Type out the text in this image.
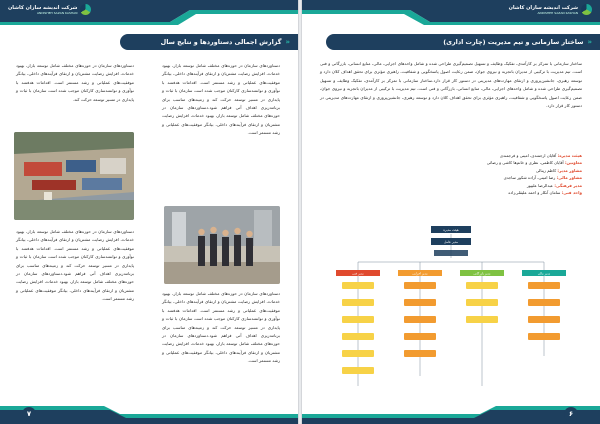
شرکت اندیشه سازان کاشان
ANDISHEH SAZAN KASHAN
«
گزارش اجمالی دستاوردها و نتایج سال
دستاوردهای سازمان در حوزه‌های مختلف شامل توسعه بازار، بهبود خدمات، افزایش رضایت مشتریان و ارتقای فرآیندهای داخلی، بیانگر موفقیت‌های عملیاتی و رشد مستمر است. اقدامات هدفمند با نوآوری و توانمندسازی کارکنان موجب شده است سازمان با ثبات و پایداری در مسیر توسعه حرکت کند و زمینه‌های مناسب برای برنامه‌ریزی اهداف آتی فراهم شود.دستاوردهای سازمان در حوزه‌های مختلف شامل توسعه بازار، بهبود خدمات، افزایش رضایت مشتریان و ارتقای فرآیندهای داخلی، بیانگر موفقیت‌های عملیاتی و رشد مستمر است.
دستاوردهای سازمان در حوزه‌های مختلف شامل توسعه بازار، بهبود خدمات، افزایش رضایت مشتریان و ارتقای فرآیندهای داخلی، بیانگر موفقیت‌های عملیاتی و رشد مستمر است. اقدامات هدفمند با نوآوری و توانمندسازی کارکنان موجب شده است سازمان با ثبات و پایداری در مسیر توسعه حرکت کند.
دستاوردهای سازمان در حوزه‌های مختلف شامل توسعه بازار، بهبود خدمات، افزایش رضایت مشتریان و ارتقای فرآیندهای داخلی، بیانگر موفقیت‌های عملیاتی و رشد مستمر است. اقدامات هدفمند با نوآوری و توانمندسازی کارکنان موجب شده است سازمان با ثبات و پایداری در مسیر توسعه حرکت کند و زمینه‌های مناسب برای برنامه‌ریزی اهداف آتی فراهم شود.دستاوردهای سازمان در حوزه‌های مختلف شامل توسعه بازار، بهبود خدمات، افزایش رضایت مشتریان و ارتقای فرآیندهای داخلی، بیانگر موفقیت‌های عملیاتی و رشد مستمر است.
دستاوردهای سازمان در حوزه‌های مختلف شامل توسعه بازار، بهبود خدمات، افزایش رضایت مشتریان و ارتقای فرآیندهای داخلی، بیانگر موفقیت‌های عملیاتی و رشد مستمر است. اقدامات هدفمند با نوآوری و توانمندسازی کارکنان موجب شده است سازمان با ثبات و پایداری در مسیر توسعه حرکت کند و زمینه‌های مناسب برای برنامه‌ریزی اهداف آتی فراهم شود.دستاوردهای سازمان در حوزه‌های مختلف شامل توسعه بازار، بهبود خدمات، افزایش رضایت مشتریان و ارتقای فرآیندهای داخلی، بیانگر موفقیت‌های عملیاتی و رشد مستمر است.
۷
شرکت اندیشه سازان کاشان
ANDISHEH SAZAN KASHAN
«
ساختار سازمانی و تیم مدیریت (چارت اداری)
ساختار سازمانی با تمرکز بر کارآمدی، تفکیک وظایف و تسهیل تصمیم‌گیری طراحی شده و شامل واحدهای اجرایی، مالی، منابع انسانی، بازرگانی و فنی است. تیم مدیریت با ترکیبی از مدیران باتجربه و نیروی جوان، ضمن رعایت اصول پاسخگویی و شفافیت، راهبری مؤثری برای تحقق اهداف کلان دارد و توسعه رهبری، جانشین‌پروری و ارتقای مهارت‌های مدیریتی در دستور کار قرار دارد.ساختار سازمانی با تمرکز بر کارآمدی، تفکیک وظایف و تسهیل تصمیم‌گیری طراحی شده و شامل واحدهای اجرایی، مالی، منابع انسانی، بازرگانی و فنی است. تیم مدیریت با ترکیبی از مدیران باتجربه و نیروی جوان، ضمن رعایت اصول پاسخگویی و شفافیت، راهبری مؤثری برای تحقق اهداف کلان دارد و توسعه رهبری، جانشین‌پروری و ارتقای مهارت‌های مدیریتی در دستور کار قرار دارد.
هیئت مدیره: آقایان ارجمندی، امینی و فرجمندی
معاونین: آقایان کاظمی، نظری و خانم‌ها کاشی و رضائی
مشاور مدیر: کاظم زینالی
مشاور مالی: رضا امینی، آزاده شکور ساجدی
مدیر فرهنگی: عبدالرضا علیپور
واحد فنی: سامان آنکار و احمد علیقلی‌زاده
هیئت مدیره
مدیر عامل
مدیر مالی
مدیر بازرگانی
مدیر اجرایی
مدیر فنی
۶
